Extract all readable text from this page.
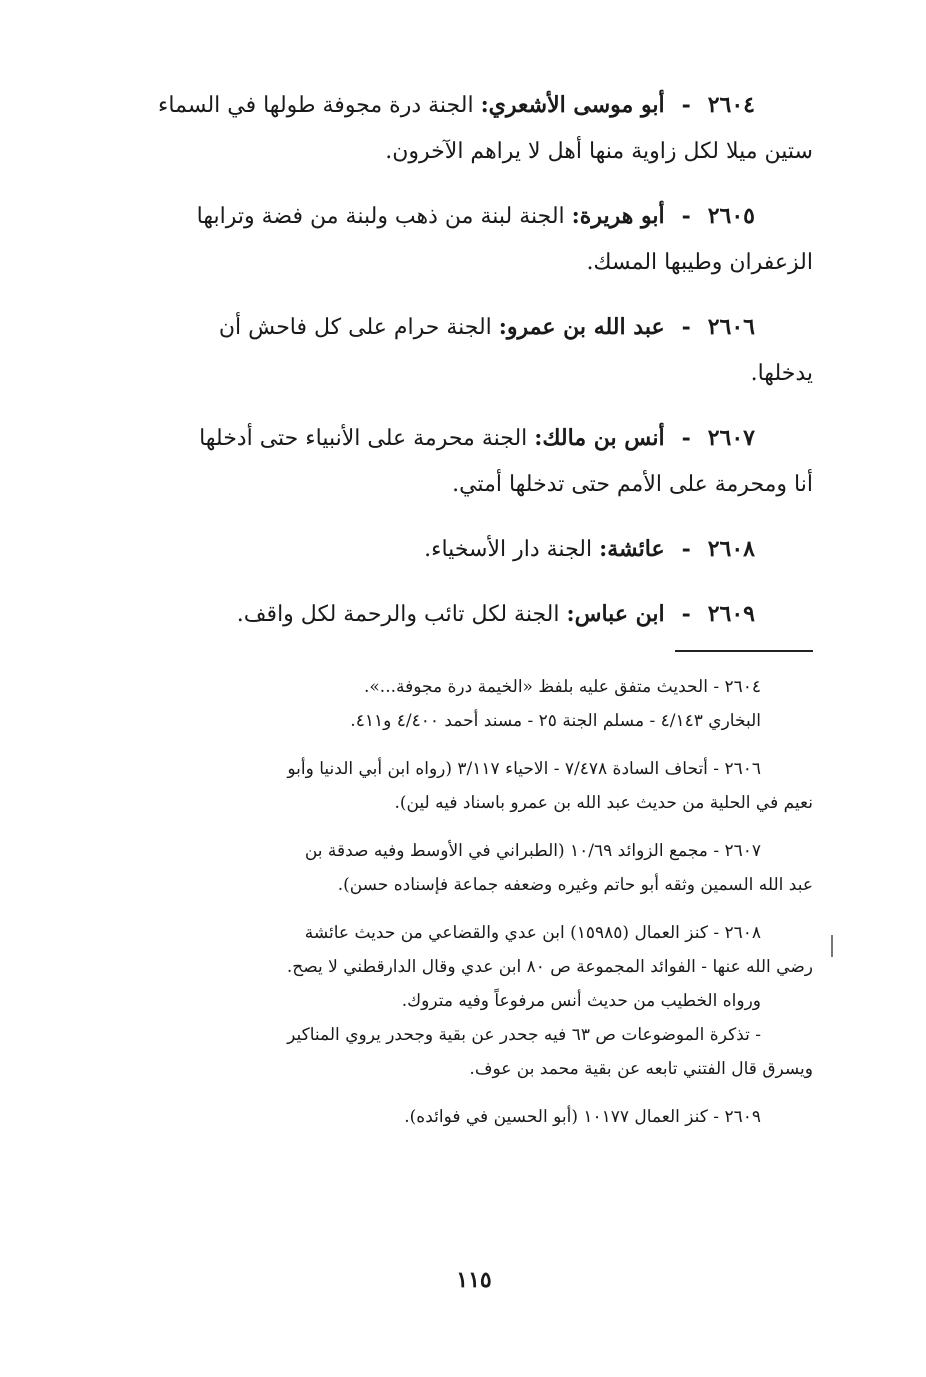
٢٦٠٤ - أبو موسى الأشعري: الجنة درة مجوفة طولها في السماء
ستين ميلا لكل زاوية منها أهل لا يراهم الآخرون.

٢٦٠٥ - أبو هريرة: الجنة لبنة من ذهب ولبنة من فضة وترابها
الزعفران وطيبها المسك.

٢٦٠٦ - عبد الله بن عمرو: الجنة حرام على كل فاحش أن
يدخلها.

٢٦٠٧ - أنس بن مالك: الجنة محرمة على الأنبياء حتى أدخلها
أنا ومحرمة على الأمم حتى تدخلها أمتي.

٢٦٠٨ - عائشة: الجنة دار الأسخياء.

٢٦٠٩ - ابن عباس: الجنة لكل تائب والرحمة لكل واقف.

٢٦٠٤ - الحديث متفق عليه بلفظ «الخيمة درة مجوفة...».
البخاري ٤/١٤٣ - مسلم الجنة ٢٥ - مسند أحمد ٤/٤٠٠ و٤١١.

٢٦٠٦ - أتحاف السادة ٧/٤٧٨ - الاحياء ٣/١١٧ (رواه ابن أبي الدنيا وأبو
نعيم في الحلية من حديث عبد الله بن عمرو باسناد فيه لين).

٢٦٠٧ - مجمع الزوائد ١٠/٦٩ (الطبراني في الأوسط وفيه صدقة بن
عبد الله السمين وثقه أبو حاتم وغيره وضعفه جماعة فإسناده حسن).

٢٦٠٨ - كنز العمال (١٥٩٨٥) ابن عدي والقضاعي من حديث عائشة
رضي الله عنها - الفوائد المجموعة ص ٨٠ ابن عدي وقال الدارقطني لا يصح.
ورواه الخطيب من حديث أنس مرفوعاً وفيه متروك.
- تذكرة الموضوعات ص ٦٣ فيه جحدر عن بقية وجحدر يروي المناكير
ويسرق قال الفتني تابعه عن بقية محمد بن عوف.

٢٦٠٩ - كنز العمال ١٠١٧٧ (أبو الحسين في فوائده).

١١٥
